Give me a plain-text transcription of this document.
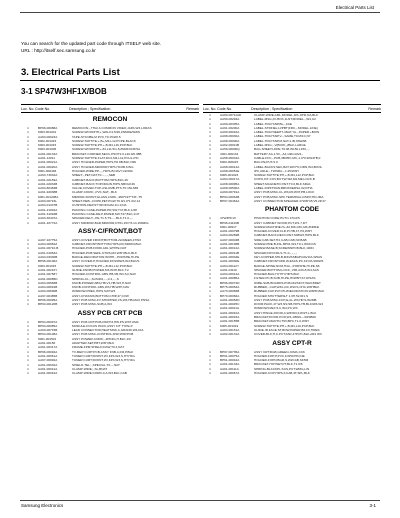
Electrical Parts List
You can search for the updated part code through ITSELF web site.
URL : http://itself.sec.samsung.co.kr
3. Electrical Parts List
3-1 SP47W3HF1X/BOB
Loc. No. Code No.	Description ; Specification	Remark
REMOCON
1	BP96-00088A	REMOCON;-,THAI A COMMON VIDEO,JAPA,W3,LORAS
1	6003-001001	SCREW-WOODHH;+,WALO1.5/20,ZNMFE/SMIS
1	AA63-00023A	TAPE-STCUBE,M,PVC,T0.15/2/0.5
1	6002-001015	SCREW-TAPTITE;+,B+,M4,L12,PCPE,BLACK
1	6003-001015	SCREW-TAPTITE;PH,+,B,M4,L16,PCP,BLK
1	6003-001006	SCREW-WOODHH;+,#4,L11.5/1.8,ZNMFCFR/SA
1	AA61-00133A	BRACKET-CORNER;SECC,PSOT2.0,L40.0/0.38B
1	AA61-12011	SCREW-TAPTITE;FLAT,D3.0,M4,L12,PCUL-PIC
1	AA61-00021A	ASSY HOLDER-PAPER;HIPS,H0.8B,BLK,N96
1	AA61-00020A	ASSY HOLDER-MIRROR;HIPS,H0.8B,KING
1	6001-000448	HOLDER-WIRE;PP,-,-,HIPS-B,NAVY,22/28A
1	AA63-73032A	SHEET;-,PET,NAT,T0.--,-,-,SEB
1	AA61-02159A	CABINET-BACK;BOTTOM,HIPS,BLK,46
1	AA61-02034B	CABINET-BACK;TOP,DRAIN,HIPS,NBOLK46
1	AA64-80484B	VALUE,COVER-TOP-ASLUMB,PTS,T0.1NLS65
1	AA61-92038B	CLAMP-CORD;-,PVC,NAT,-,BLK
1	6001-001208A	MIRROR-FRONT;GLASS,LN0D,-,950*197*T4T,-T5
1	AA63-00716L	SHEET-HEB;-,FOPR,PET,PGW,T0.0/1,0*1.0/2.14
1	AA64-01337B	CUSHION-DEP,STYROFOAM,1/1.0,NA
1	AA61-21094A	PACKING CASE-PAPER;PR,SW,T47,BLK,1/48
1	AA61-31094B	PACKING CASE-DE;P,PAPER,SW,T47,BLK,1/47
1	AA63-30407A	SPACER-FELT;-,PE,T1.5,TS---,.BLK,T1.0,-,-
1	AA61-10772A	ASSY MIRROR-BAR;MIRROR,DT61,15/7/3.14,150MCL
ASSY-C/FRONT,BOT
1	AA97-10775A	ASSY-COVER FRONT;BOTTOM+SCREEN,47W3
1	AA64-00962Z	CABINET-FRONT;BOTTOM,HIPS,FR,S96W3,BLK
1	AA61-00710-B	HOLDER-PCB;FORD,ADL,WHITE,NAT
1	AA61-01063A	HOLDER-PCB;SEDL,N70/S,M3,W3H,BLK,BLK
1	AA64-03330B	BADGE-DECORATION;W3HH,-,PORSHE,HI-PE
1	BP96-00106A	ASSY COVER-P;HOLDER,FP,S96W3,W3,BLK/S
1	6003-001015	SCREW-TAPTITE;PH,+,B,M4,L12,PCP,BLK
1	AA61-00216Y	GUIDE-KNOB;POWER,M3,W3H,BLK,T.2
1	AA61-00768Y	HOLDER-CONTROL;ABS,HB,VB,W3,S,F,NAV
1	AA61-00085D	SPRING-CL;-,SUS304,-,-,0.4,-,-,S
1	AA64-00666B	KNOB-POWER;ABS,HB,V1,HB,W3,H,NAV
1	AA64-00691B	KNOB-CONTROL;ABS,W3,HB,W3H,NAV
1	AA64-00690B	WINDOW-PREC,HIPS,NAT,W3
1	AA97-00485B	ASSY-CHASSIS;BOTTOM,CHIP,47,CVW
1	BP96-00095A	ASSY PCB MISC-FV;SHOPPER,VS,W3,HB,MAX,PNSA
1	BP94-00120B	ASSY PCB MISC-SUB;A,W3
ASSY PCB CRT PCB
1	BP94-00097A	ASSY PCB CRT;PCB,DSP,H3,HW,PS,W3T,UMA
1	BP94-00085A	MODULE-FOCUS PACK,ASSY FIT TYPE-P
1	AA60-00715B	LEAD CONNECTOR;HEATSINK,A,GRAND,W4,DIA
1	BP94-00108A	ASSY PCB MISC-CONTROL;DSP,W3P,PCB
1	6001-001501	ASSY POWER-CORD;-,2PINIG,H,BLK,1/0
1	AA61-00156	ADAPTER-SET;PBT,W3H,BLK
1	AA61-00317A	FRAME-FPM;SHIELD,DAW,T0.4,NAT
1	BP96-00092A	TV-MEP;CURT;PCB,ASSY FNB,A,FM,P,BLK
1	AA61-00061A	TUNER;CURT;FRONT,I/O,FZS,W3,S,HT,H4G
1	AA97-00092A	TUNER;CURT;FRONT,I/O,FZS,W3,S,HT,H4G
1	AA61-00032A	SHIELD-TEL;-,SPECIAL,T0.--,NAT
1	AA61-00012A	CLAMP-WIRE;-,SL,BNAT
1	AA61-00016A	CLAMP-WIRE;CORD-0,A,W3,BLK,CAB
Loc. No. Code No.	Description ; Specification	Remark
1	AA60-00711AD	CLAMP-WIRE;AML,MODEL,1PL,DH0,NA,BLK
1	AA59-00294A	LABEL-MSG;AY-BOX,1LNT,MODEL,-,W4,U2
1	AA60-00305A	LABEL-TRAYSNP,BL,-,FAE
1	AA61-00200A	LABEL-STRFIEL;LVPBT(FRC,-,MODEL,LINE)
1	AA60-00016A	LABEL-TRAYNEEHT-3NAT,YA,-,PAPER,+BOW
1	AA68-00030A	LABEL-TRAYSNP,V--,SAME,T0.M/1C,N7
1	AA68-00000A	LABEL-TRAYSNP,M,NAT,4,/B,3SWAB
1	AA62-00011B	LABEL-MSG;-,V(BOW,-)/BLK,LARGE
1	AA59-00000Q	BAG-SHEET;LDPE,T0.08,W150,L150,-,-
1	4301-000134	BATTERY;AA,1.5V,-,A4,140mAh/4,-
1	AA58-00034A	CABLE-FFC;-,PCB,3B/05C,M3,-1.0*0.9/W4TB,0
1	6000-000015	BAG PE;PUT/1.0
1	AA68-00014A	LABEL-BACKS;SEC,BAT,1RO*0,CIRN,W4,BOOL
1	AA68-00051E	IPC,ARLE;-,TWNRA,-,1.25/W3H
1	6005-001023	SCREW-TAPTITE;PH,+,B,M4,L12,PCP,BLK
1	AA64-00017A	COPO,KIT-COV,BUT;W;SM,M4,ME;LOCK,B
1	AA68-00095A	SHEET-MAGNETIC;PET,T0.0,BLK,SRA1
1	AA68-00500A	LABEL-DIPFTRAN;BRNXDERSA,02,P/HA
1	AA60-00791A	ASSY PCB;MISC-CL,W3,RF,W3T,PB,LOCK
1	BP94-00064B	ASSY PCB;MISC-SPK TERMINAL,DSP,P,HF,UMA
1	BP97-00464A	ASSY CONNECTOR;SPEAKER,47W3H,B,V5,2P,47
PHANTOM CODE
1	47W3HF1X	PHANTOM CODE;PUT/1 47C2/5
1	BP96-01126B	ASSY CABINET WOOD;PUT,W1.7,DT
1	6001-00917	SCREW-MACHINE;H+,#2,M3x,MC,M4,ZNMFE
1	AA61-00079B	HOLDER-COVER;CLR,PI,HB,47,H3,W3H
1	AA64-00269B	CABINET-BACK;DECO,PET,S96W3,HIPS,BLK
1	AA97-00004B	SIDE;CAB-SET,H4,3,AB,CAB,N0 BAB
1	AA61-00196B	SCREW-PRE;B,4SL,BP01,W4,T0,1,WCF,DS
1	AA61-00012A	SCREW-BASE;B,SCREWNPCB,BLK,100N
1	AA61-00011B	SPACER;DP,CNFLS,T1.0,-,-,-,-
1	AA61-00004E	KEY-COPPER,SHLB,M3/2SSBAP,DAV,DA,W5AS
1	AA61-00030E	CABINET-FRONT;MID,W,ESAS,PC,FZ,PA,S96W3
1	AA64-00112Y	BADGE-SPINE;NCM,H4A,-,PORSHE,HI-PE,S6
1	AA61-01110	SPACER-BOTTOM,LOCK,,V96,A33-8,W4,SAS
1	AA63-00014A	HOLDER-BAG;H,H7H,HIPS,BLK
1	AA61-00085A	FILTER-PC;B,SUB,HI-PE,HI/W5H,S7,R/SAS
1	BP96-00074D	WIRE-SUB,BOARDS,PCB,M4/SFCT,WA0,BRET
1	BP75-00054A	RUBBER;-,CAP,W3/L,DC,DSCS,CHA,W3HBLK
1	AA73-00066B	RUBBER;CUP,PUT,PIU/DECORATION,W3PR,BLK
1	BP70-00066A	HOLDER;SHUTTERSLT 1.0H,52,IR1,S
1	AA61-00054D	ASSY PCB;MISC-FCH,E,AL,W3,HP,S-W2MB
1	AA61-00045C	DOOR;PACK,47,W3,NS;SB,HIPS,H5,BLK/W3-W4
1	AA61-00011A	WINDOW;D/EX,5,C,W4,PC,W3
1	AA61-00010A	ASSY;HINGE,DOOR,A,W3/W3,F,W3/T,L,BLK
1	AA61-00015A	BRACKET;DOOR,PCR,W4,J/8W6---/02SB06
1	AA61-00155B	BRACKET-MANTN,T9V,BPC,T1.0,W3H
1	6005-001019	SCREW-TAPTITE;PH,+,B,M4,L10,PCP,BLK
1	AA64-00151A	GUIDE-IR,FACE;ST,BOW,PAPER,B6,F3,TIRES
1	AA62-00131A	COVER-BLK;H,C,PCT,FAR,47P,PC,BLK+IR4 W3
ASSY CPT-R
1	BP97-00735A	ASSY CRT;RGB,GREEN,JUMA,CC6
1	BP61-00075A	HOLDER-FOP;P,PVC,F,W5CHIN,NE
1	BP61-00042A	HOLDER-FOPN;BGR,S,W2CAB,SK5M
1	AA61-00133A	BRACKET-HOTSET,PT,BLK,T1.0/6
1	AA61-00111A	SPRING-BLACKPL;SUS,PUT,WMG,LIN
1	AA61-00067A	HOLDER-COP;HIPS,F,CAB,4T,SPL,BLK
Samsung Electronics	3-1
